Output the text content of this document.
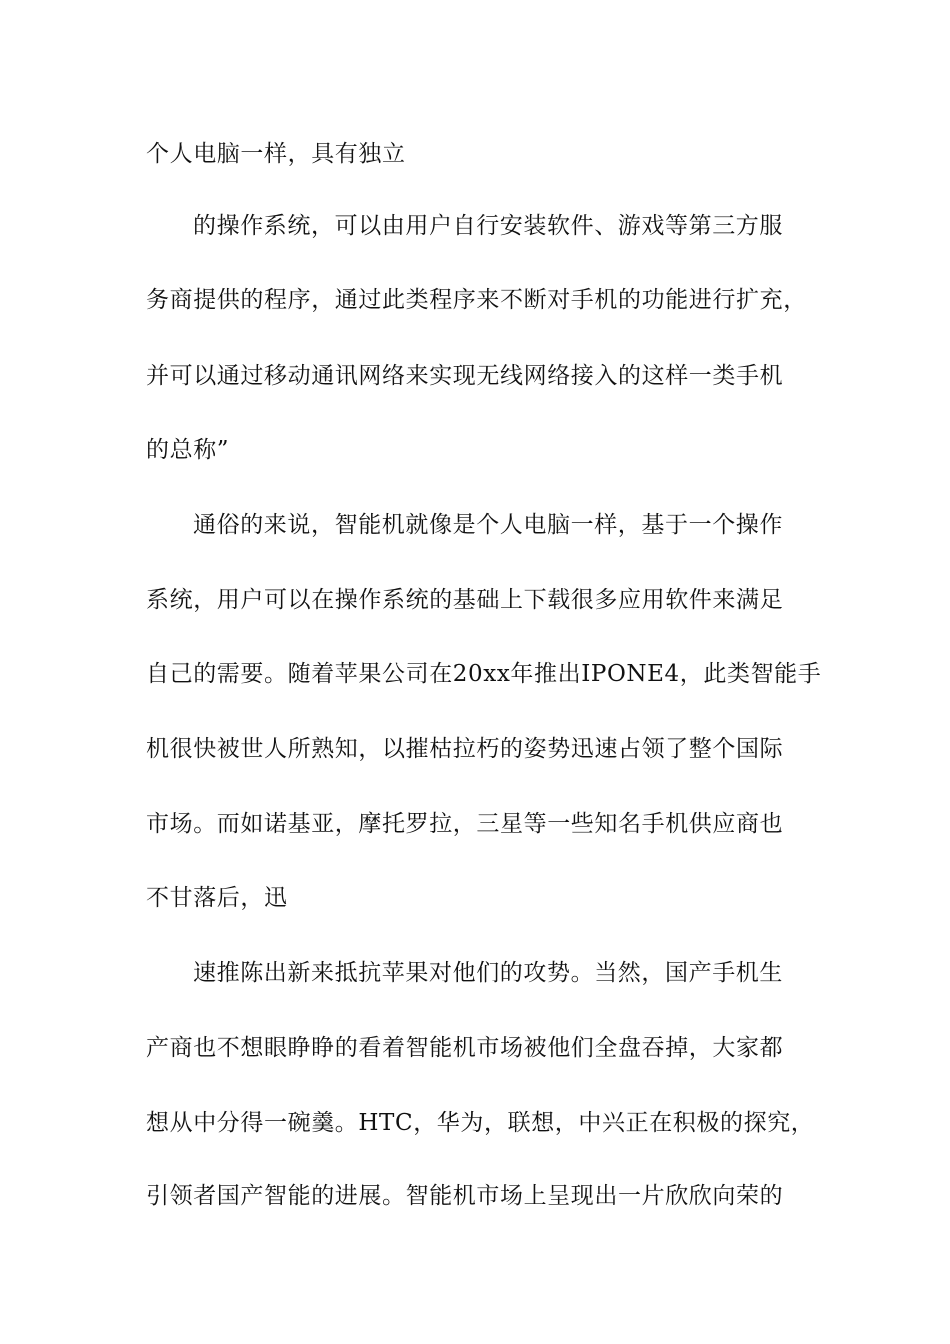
个人电脑一样，具有独立
的操作系统，可以由用户自行安装软件、游戏等第三方服
务商提供的程序，通过此类程序来不断对手机的功能进行扩充，
并可以通过移动通讯网络来实现无线网络接入的这样一类手机
的总称”
通俗的来说，智能机就像是个人电脑一样，基于一个操作
系统，用户可以在操作系统的基础上下载很多应用软件来满足
自己的需要。随着苹果公司在20xx年推出IPONE4，此类智能手
机很快被世人所熟知，以摧枯拉朽的姿势迅速占领了整个国际
市场。而如诺基亚，摩托罗拉，三星等一些知名手机供应商也
不甘落后，迅
速推陈出新来抵抗苹果对他们的攻势。当然，国产手机生
产商也不想眼睁睁的看着智能机市场被他们全盘吞掉，大家都
想从中分得一碗羹。HTC，华为，联想，中兴正在积极的探究，
引领者国产智能的进展。智能机市场上呈现出一片欣欣向荣的
